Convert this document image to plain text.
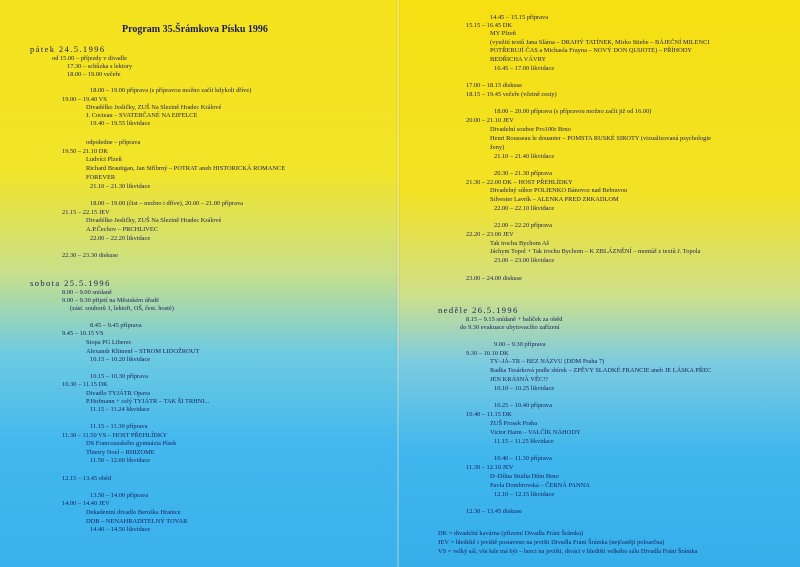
Program 35.Šrámkova Písku 1996
pátek 24.5.1996
od 15.00 – příjezdy v divadle
17.30 – schůzka s lektory
18.00 – 19.00 večeře
18.00 – 19.00 příprava (s přípravou možno začít kdykoli dříve)
19.00 – 19.40 VS
Divadélko Jesličky, ZUŠ Na Slezině Hradec Králové
J. Cocteau – SVATEBČANÉ NA EIFELCE
19.40 – 19.55 likvidace
odpoledne – příprava
19.50 – 21.10 DK
Ludvíci Plzeň
Richard Brautigan, Jan Stříbrný – POTRAT aneb HISTORICKÁ ROMANCE
FOREVER
21.10 – 21.30 likvidace
18.00 – 19.00 (čist – možno i dříve), 20.00 – 21.00 příprava
21.15 – 22.15 JEV
Divadélko Jesličky, ZUŠ Na Slezině Hradec Králové
A.P.Čechov – PRCHLIVEC
22.00 – 22.20 likvidace
22.30 – 23.30 diskuse
sobota 25.5.1996
8.00 – 9.00 snídaně
9.00 – 9.30 přijetí na Městském úřadě
(zást. souborů 1, lektoři, OŠ, čest. hosté)
8.45 – 9.45 příprava
9.45 – 10.15 VS
Stopa PG Liberec
Alexandr Klimenf – STROM LIDOŽROUT
10.15 – 10.20 likvidace
10.15 – 10.30 příprava
10.30 – 11.15 DK
Divadlo TYJÁTR Opava
P.Hofmann + celý TYJÁTR – TAK ŠI TRHNI...
11.15 – 11.24 likvidace
11.15 – 11.30 příprava
11.30 – 11.50 VS – HOST PŘEHLÍDKY
DS Francouzského gymnázia Písek
Thierry Noel – RHIZOME
11.50 – 12.00 likvidace
12.15 – 13.45 oběd
13.50 – 14.00 příprava
14.00 – 14.40 JEV
Dekadentní divadlo Beruška Hranice
DDB – NENAHRADITELNÝ TOVAR
14.40 – 14.50 likvidace
14.45 – 15.15 příprava
15.15 – 16.45 DK
MY Plzeň
(využití textů Jana Sláma – DRAHÝ TATÍNEK, Mirko Stiebe – BÁJEČNÍ MILENCI
POTŘEBUJÍ ČAS a Michaela Frayna – NOVÝ DON QUIJOTE) – PŘÍHODY
BEDŘICHA VÁVRY
16.45 – 17.00 likvidace
17.00 – 18.15 diskuse
18.15 – 19.45 večeře (včetně cesty)
18.00 – 20.00 příprava (s přípravou možno začít již od 16.00)
20.00 – 21.10 JEV
Divadelní soubor Pro100r Brno
Henri Rousseau le douanier – POMSTA RUSKÉ SIROTY (vizualizovaná psychologie
ženy)
21.10 – 21.40 likvidace
20.30 – 21.30 příprava
21.30 – 22.00 DK – HOST PŘEHLÍDKY
Divadelný súbor POLIENKO Bánovce nad Bebravou
Silvester Lavrík – ALENKA PRED ZRKADLOM
22.00 – 22.10 likvidace
22.00 – 22.20 příprava
22.20 – 23.00 JEV
Tak trochu Bychom Aš
Jáchym Topol + Tak trochu Bychom – K ZBLÁZNĚNÍ – montáž z textů J. Topola
23.00 – 23.00 likvidace
23.00 – 24.00 diskuse
neděle 26.5.1996
8.15 – 9.15 snídaně + balíček za oběd
do 9.30 evakuace ubytovacího zařízení
9.00 – 9.30 příprava
9.30 – 10.10 DK
TY–JÁ–TR – BEZ NÁZVU (DDM Praha 7)
Radka Tesárková podle sbírek – ZPĚVY SLADKÉ FRANCIE aneb JE LÁSKA PŘEC
JEN KRÁSNÁ VĚC!?
10.10 – 10.25 likvidace
10.25 – 10.40 příprava
10.40 – 11.15 DK
ZUŠ Prosek Praha
Victor Haim – VALČÍK NÁHODY
11.15 – 11.25 likvidace
10.40 – 11.30 příprava
11.30 – 12.10 JEV
D–Dílna Studia Dům Brno
Pavla Dombrovská – ČERNÁ PANNA
12.10 – 12.15 likvidace
12.30 – 13.45 diskuse
DK = divadelní kavárna (přízemí Divadla Fráni Šrámka)
JEV = hlediště i jeviště postaveno na jevišti Divadla Fráni Šrámka (nejčastěji poloarčna)
VS = velký sál, vše kde má být – herci na jevišti, diváci v hledišti velkého sálu Divadla Fráni Šrámka
